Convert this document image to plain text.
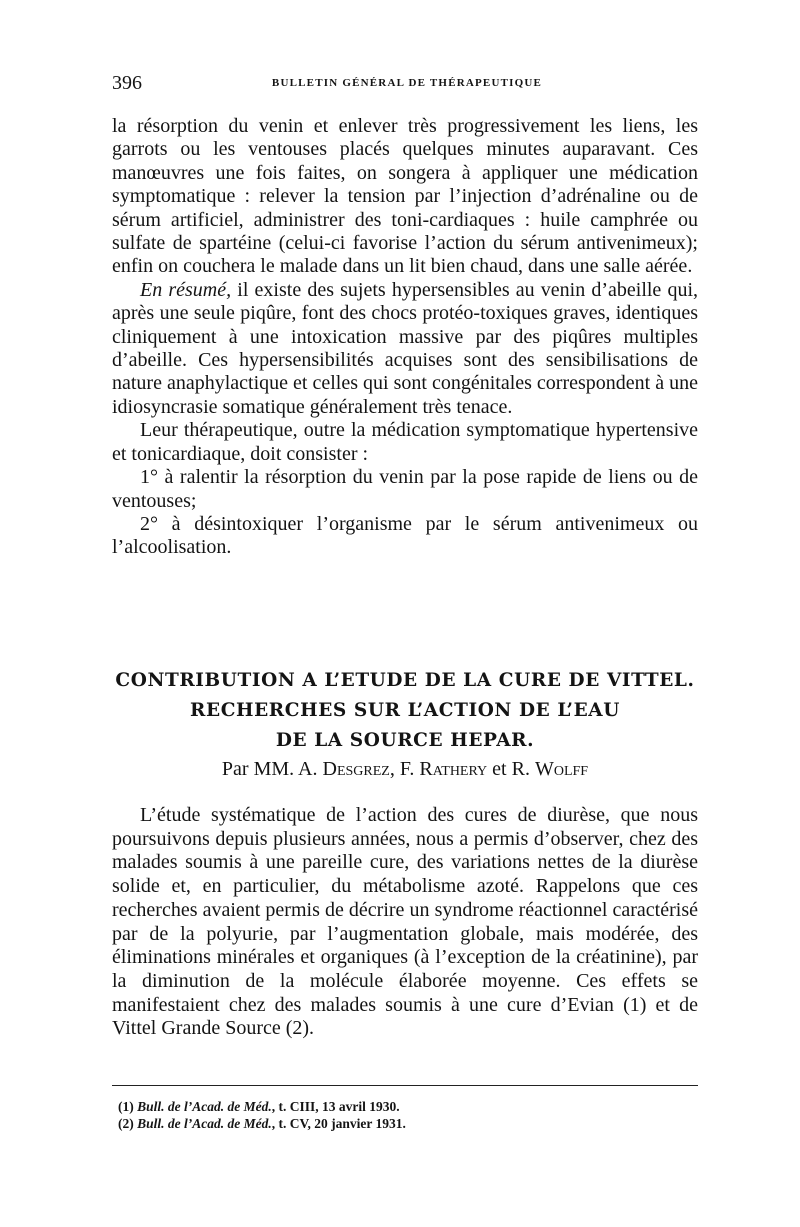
396	BULLETIN GÉNÉRAL DE THÉRAPEUTIQUE

la résorption du venin et enlever très progressivement les liens, les garrots ou les ventouses placés quelques minutes auparavant. Ces manœuvres une fois faites, on songera à appliquer une médication symptomatique : relever la tension par l’injection d’adrénaline ou de sérum artificiel, administrer des toni-cardiaques : huile camphrée ou sulfate de spartéine (celui-ci favorise l’action du sérum antivenimeux); enfin on couchera le malade dans un lit bien chaud, dans une salle aérée.

En résumé, il existe des sujets hypersensibles au venin d’abeille qui, après une seule piqûre, font des chocs protéo-toxiques graves, identiques cliniquement à une intoxication massive par des piqûres multiples d’abeille. Ces hypersensibilités acquises sont des sensibilisations de nature anaphylactique et celles qui sont congénitales correspondent à une idiosyncrasie somatique généralement très tenace.

Leur thérapeutique, outre la médication symptomatique hypertensive et tonicardiaque, doit consister :

1° à ralentir la résorption du venin par la pose rapide de liens ou de ventouses;

2° à désintoxiquer l’organisme par le sérum antivenimeux ou l’alcoolisation.

CONTRIBUTION A L’ETUDE DE LA CURE DE VITTEL.
RECHERCHES SUR L’ACTION DE L’EAU
DE LA SOURCE HEPAR.
Par MM. A. Desgrez, F. Rathery et R. Wolff

L’étude systématique de l’action des cures de diurèse, que nous poursuivons depuis plusieurs années, nous a permis d’observer, chez des malades soumis à une pareille cure, des variations nettes de la diurèse solide et, en particulier, du métabolisme azoté. Rappelons que ces recherches avaient permis de décrire un syndrome réactionnel caractérisé par de la polyurie, par l’augmentation globale, mais modérée, des éliminations minérales et organiques (à l’exception de la créatinine), par la diminution de la molécule élaborée moyenne. Ces effets se manifestaient chez des malades soumis à une cure d’Evian (1) et de Vittel Grande Source (2).

(1) Bull. de l’Acad. de Méd., t. CIII, 13 avril 1930.

(2) Bull. de l’Acad. de Méd., t. CV, 20 janvier 1931.
